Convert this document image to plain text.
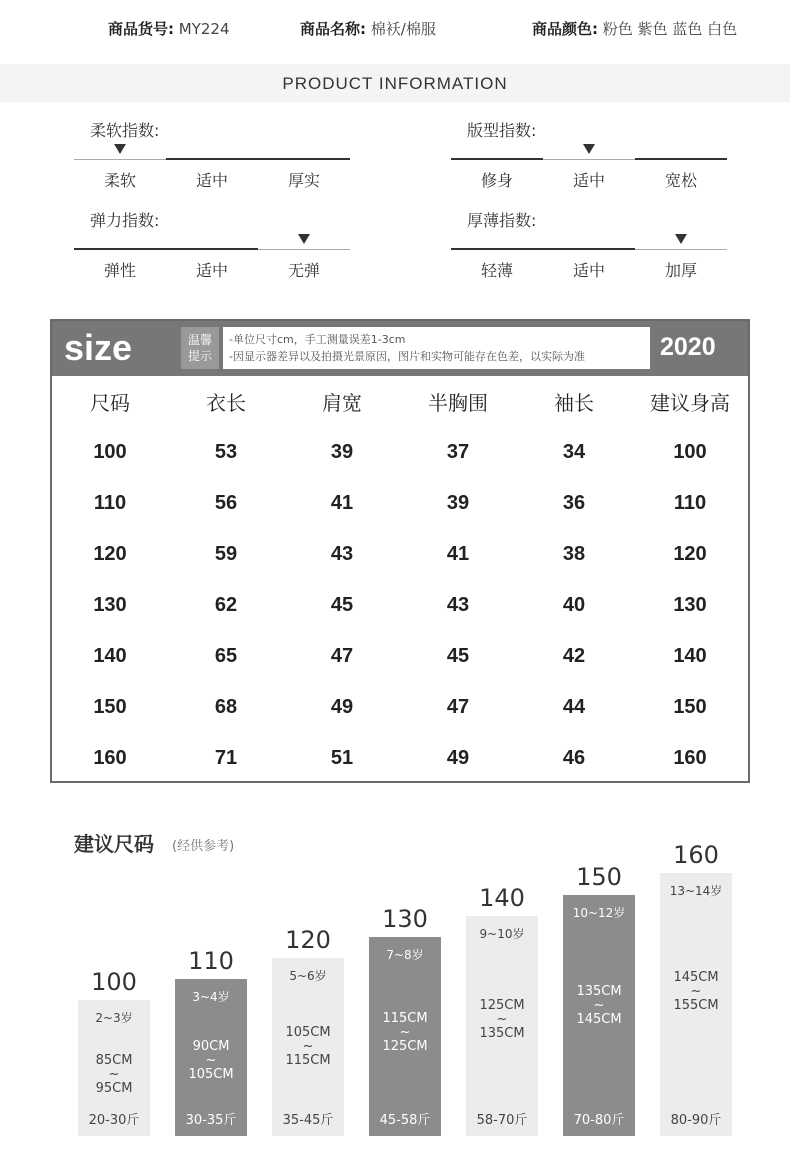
商品货号: MY224	商品名称: 棉袄/棉服	商品颜色: 粉色 紫色 蓝色 白色
PRODUCT INFORMATION
柔软指数:
柔软	适中	厚实
版型指数:
修身	适中	宽松
弹力指数:
弹性	适中	无弹
厚薄指数:
轻薄	适中	加厚
size	温馨
提示
-单位尺寸cm，手工测量误差1-3cm
-因显示器差异以及拍摄光景原因，图片和实物可能存在色差，以实际为准	2020
尺码	衣长	肩宽	半胸围	袖长	建议身高
100	53	39	37	34	100
110	56	41	39	36	110
120	59	43	41	38	120
130	62	45	43	40	130
140	65	47	45	42	140
150	68	49	47	44	150
160	71	51	49	46	160
建议尺码 (经供参考)
100
2~3岁
85CM
~
95CM
20-30斤
110
3~4岁
90CM
~
105CM
30-35斤
120
5~6岁
105CM
~
115CM
35-45斤
130
7~8岁
115CM
~
125CM
45-58斤
140
9~10岁
125CM
~
135CM
58-70斤
150
10~12岁
135CM
~
145CM
70-80斤
160
13~14岁
145CM
~
155CM
80-90斤
